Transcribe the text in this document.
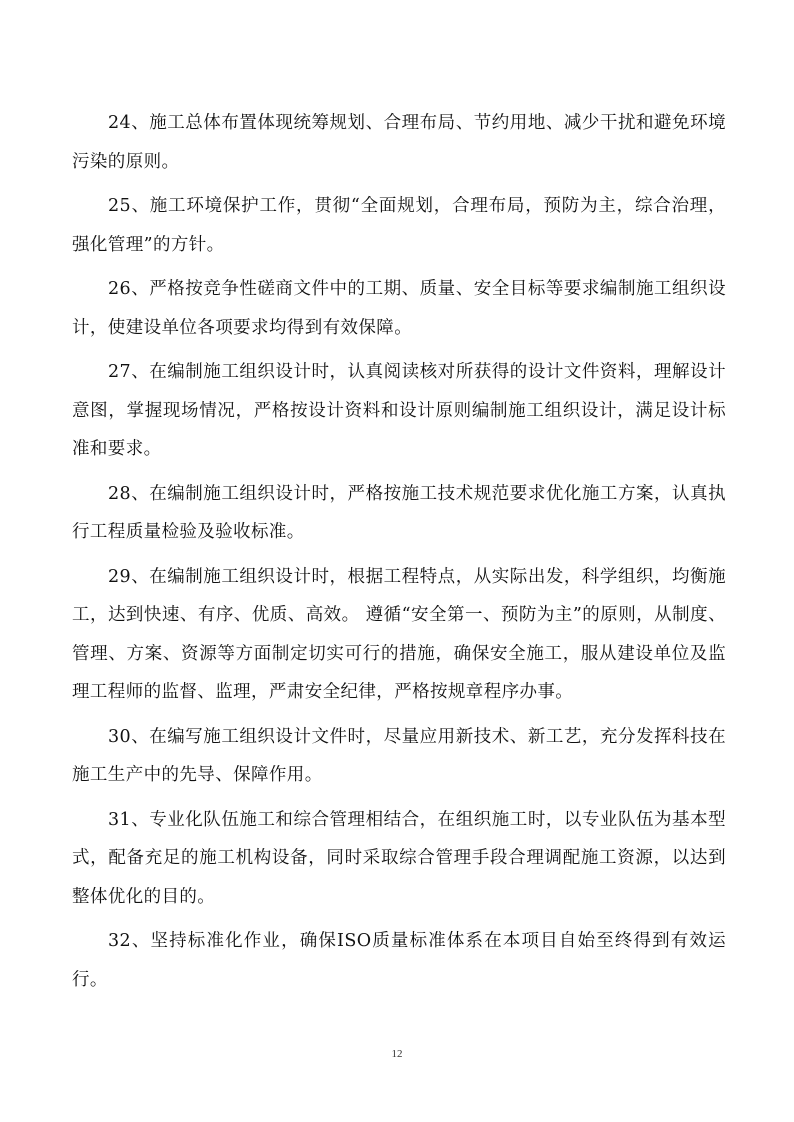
24、施工总体布置体现统筹规划、合理布局、节约用地、减少干扰和避免环境污染的原则。

25、施工环境保护工作，贯彻“全面规划，合理布局，预防为主，综合治理，强化管理”的方针。

26、严格按竞争性磋商文件中的工期、质量、安全目标等要求编制施工组织设计，使建设单位各项要求均得到有效保障。

27、在编制施工组织设计时，认真阅读核对所获得的设计文件资料，理解设计意图，掌握现场情况，严格按设计资料和设计原则编制施工组织设计，满足设计标准和要求。

28、在编制施工组织设计时，严格按施工技术规范要求优化施工方案，认真执行工程质量检验及验收标准。

29、在编制施工组织设计时，根据工程特点，从实际出发，科学组织，均衡施工，达到快速、有序、优质、高效。 遵循“安全第一、预防为主”的原则，从制度、管理、方案、资源等方面制定切实可行的措施，确保安全施工，服从建设单位及监理工程师的监督、监理，严肃安全纪律，严格按规章程序办事。

30、在编写施工组织设计文件时，尽量应用新技术、新工艺，充分发挥科技在施工生产中的先导、保障作用。

31、专业化队伍施工和综合管理相结合，在组织施工时，以专业队伍为基本型式，配备充足的施工机构设备，同时采取综合管理手段合理调配施工资源，以达到整体优化的目的。

32、坚持标准化作业，确保ISO质量标准体系在本项目自始至终得到有效运行。

12
